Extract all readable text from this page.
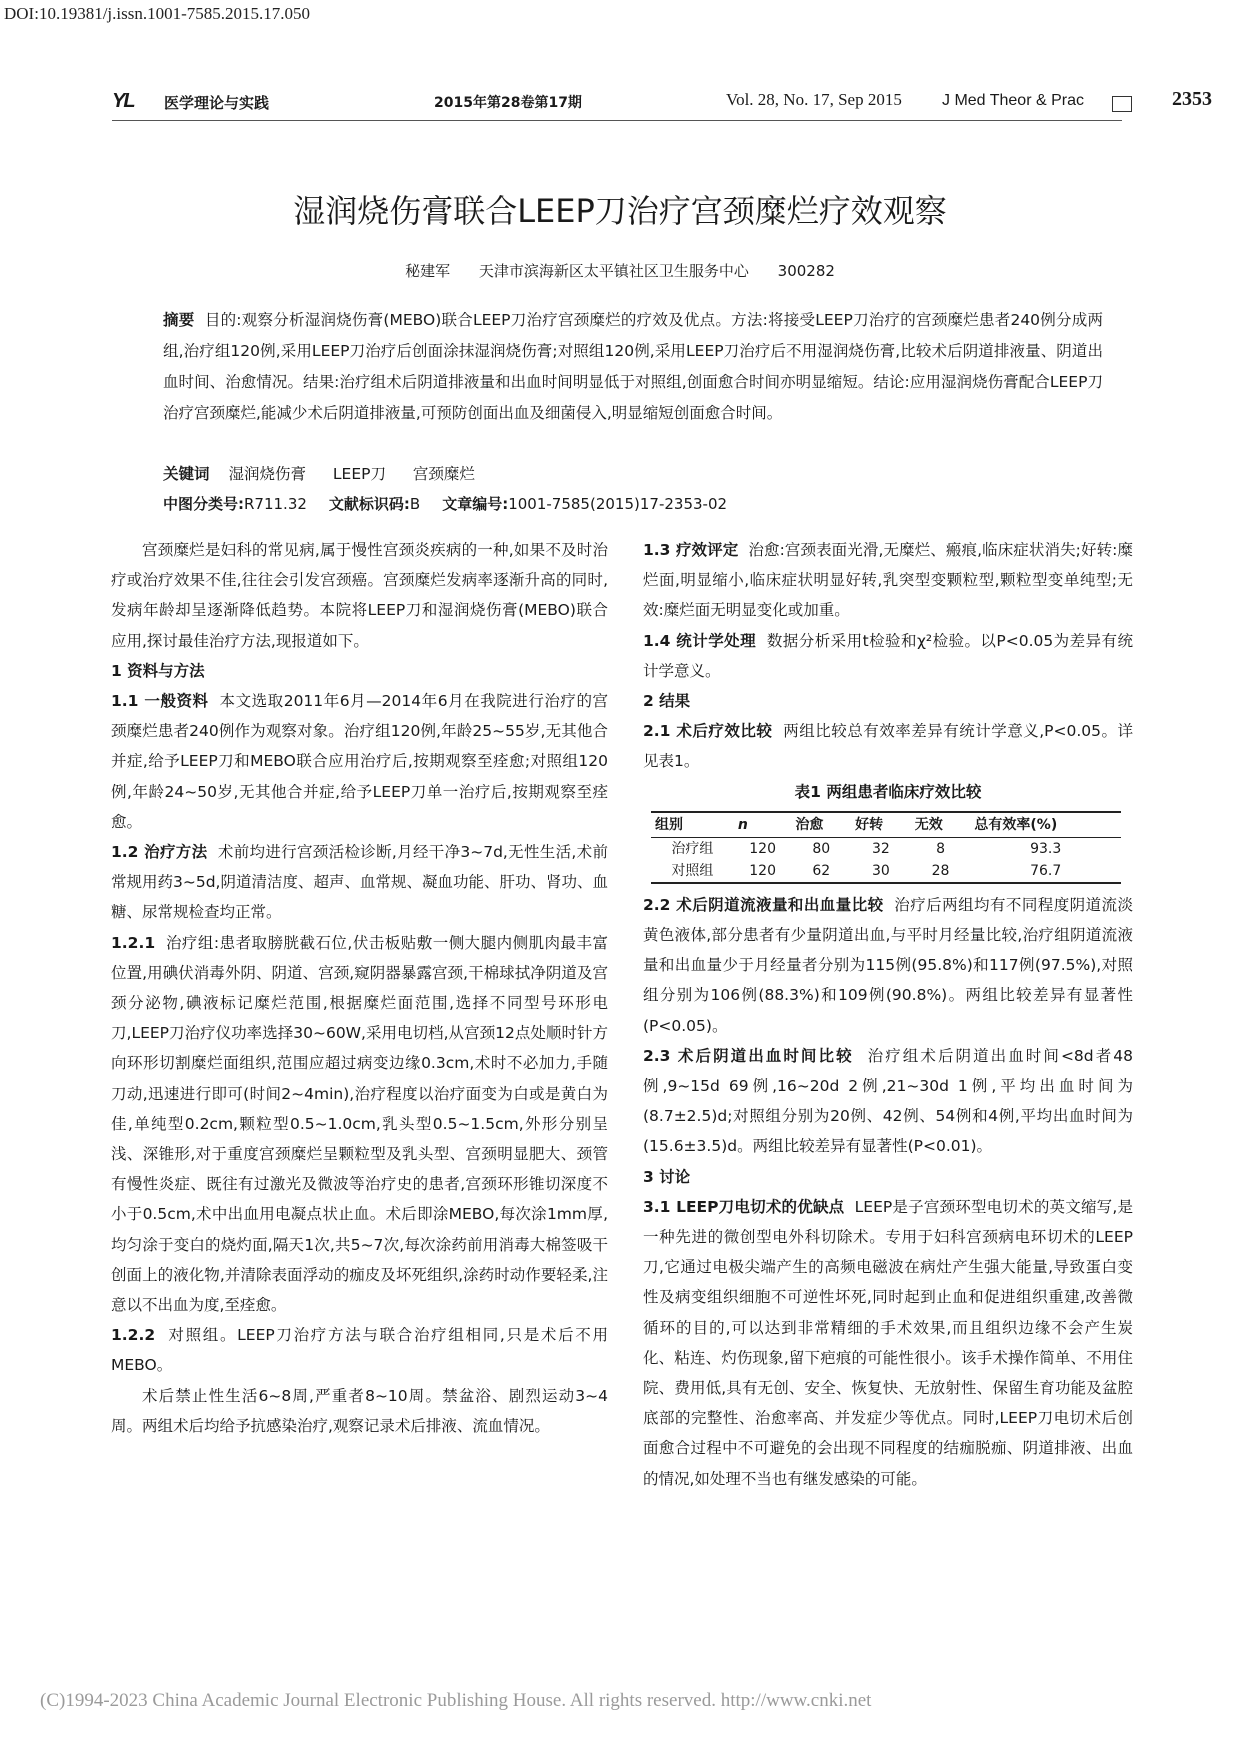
DOI:10.19381/j.issn.1001-7585.2015.17.050
YL 医学理论与实践	2015年第28卷第17期	Vol. 28, No. 17, Sep 2015	J Med Theor & Prac	2353
湿润烧伤膏联合LEEP刀治疗宫颈糜烂疗效观察
秘建军 天津市滨海新区太平镇社区卫生服务中心 300282
摘要 目的:观察分析湿润烧伤膏(MEBO)联合LEEP刀治疗宫颈糜烂的疗效及优点。方法:将接受LEEP刀治疗的宫颈糜烂患者240例分成两组,治疗组120例,采用LEEP刀治疗后创面涂抹湿润烧伤膏;对照组120例,采用LEEP刀治疗后不用湿润烧伤膏,比较术后阴道排液量、阴道出血时间、治愈情况。结果:治疗组术后阴道排液量和出血时间明显低于对照组,创面愈合时间亦明显缩短。结论:应用湿润烧伤膏配合LEEP刀治疗宫颈糜烂,能减少术后阴道排液量,可预防创面出血及细菌侵入,明显缩短创面愈合时间。
关键词 湿润烧伤膏 LEEP刀 宫颈糜烂
中图分类号:R711.32 文献标识码:B 文章编号:1001-7585(2015)17-2353-02

宫颈糜烂是妇科的常见病,属于慢性宫颈炎疾病的一种,如果不及时治疗或治疗效果不佳,往往会引发宫颈癌。宫颈糜烂发病率逐渐升高的同时,发病年龄却呈逐渐降低趋势。本院将LEEP刀和湿润烧伤膏(MEBO)联合应用,探讨最佳治疗方法,现报道如下。

1 资料与方法

1.1 一般资料 本文选取2011年6月—2014年6月在我院进行治疗的宫颈糜烂患者240例作为观察对象。治疗组120例,年龄25~55岁,无其他合并症,给予LEEP刀和MEBO联合应用治疗后,按期观察至痊愈;对照组120例,年龄24~50岁,无其他合并症,给予LEEP刀单一治疗后,按期观察至痊愈。

1.2 治疗方法 术前均进行宫颈活检诊断,月经干净3~7d,无性生活,术前常规用药3~5d,阴道清洁度、超声、血常规、凝血功能、肝功、肾功、血糖、尿常规检查均正常。

1.2.1 治疗组:患者取膀胱截石位,伏击板贴敷一侧大腿内侧肌肉最丰富位置,用碘伏消毒外阴、阴道、宫颈,窥阴器暴露宫颈,干棉球拭净阴道及宫颈分泌物,碘液标记糜烂范围,根据糜烂面范围,选择不同型号环形电刀,LEEP刀治疗仪功率选择30~60W,采用电切档,从宫颈12点处顺时针方向环形切割糜烂面组织,范围应超过病变边缘0.3cm,术时不必加力,手随刀动,迅速进行即可(时间2~4min),治疗程度以治疗面变为白或是黄白为佳,单纯型0.2cm,颗粒型0.5~1.0cm,乳头型0.5~1.5cm,外形分别呈浅、深锥形,对于重度宫颈糜烂呈颗粒型及乳头型、宫颈明显肥大、颈管有慢性炎症、既往有过激光及微波等治疗史的患者,宫颈环形锥切深度不小于0.5cm,术中出血用电凝点状止血。术后即涂MEBO,每次涂1mm厚,均匀涂于变白的烧灼面,隔天1次,共5~7次,每次涂药前用消毒大棉签吸干创面上的液化物,并清除表面浮动的痂皮及坏死组织,涂药时动作要轻柔,注意以不出血为度,至痊愈。

1.2.2 对照组。LEEP刀治疗方法与联合治疗组相同,只是术后不用MEBO。

术后禁止性生活6~8周,严重者8~10周。禁盆浴、剧烈运动3~4周。两组术后均给予抗感染治疗,观察记录术后排液、流血情况。

1.3 疗效评定 治愈:宫颈表面光滑,无糜烂、瘢痕,临床症状消失;好转:糜烂面,明显缩小,临床症状明显好转,乳突型变颗粒型,颗粒型变单纯型;无效:糜烂面无明显变化或加重。

1.4 统计学处理 数据分析采用t检验和χ²检验。以P<0.05为差异有统计学意义。

2 结果

2.1 术后疗效比较 两组比较总有效率差异有统计学意义,P<0.05。详见表1。

表1 两组患者临床疗效比较

组别	n	治愈	好转	无效	总有效率(%)
治疗组	120	80	32	8	93.3
对照组	120	62	30	28	76.7

2.2 术后阴道流液量和出血量比较 治疗后两组均有不同程度阴道流淡黄色液体,部分患者有少量阴道出血,与平时月经量比较,治疗组阴道流液量和出血量少于月经量者分别为115例(95.8%)和117例(97.5%),对照组分别为106例(88.3%)和109例(90.8%)。两组比较差异有显著性(P<0.05)。

2.3 术后阴道出血时间比较 治疗组术后阴道出血时间<8d者48例,9~15d 69例,16~20d 2例,21~30d 1例,平均出血时间为(8.7±2.5)d;对照组分别为20例、42例、54例和4例,平均出血时间为(15.6±3.5)d。两组比较差异有显著性(P<0.01)。

3 讨论

3.1 LEEP刀电切术的优缺点 LEEP是子宫颈环型电切术的英文缩写,是一种先进的微创型电外科切除术。专用于妇科宫颈病电环切术的LEEP刀,它通过电极尖端产生的高频电磁波在病灶产生强大能量,导致蛋白变性及病变组织细胞不可逆性坏死,同时起到止血和促进组织重建,改善微循环的目的,可以达到非常精细的手术效果,而且组织边缘不会产生炭化、粘连、灼伤现象,留下疤痕的可能性很小。该手术操作简单、不用住院、费用低,具有无创、安全、恢复快、无放射性、保留生育功能及盆腔底部的完整性、治愈率高、并发症少等优点。同时,LEEP刀电切术后创面愈合过程中不可避免的会出现不同程度的结痂脱痂、阴道排液、出血的情况,如处理不当也有继发感染的可能。

(C)1994-2023 China Academic Journal Electronic Publishing House. All rights reserved. http://www.cnki.net
